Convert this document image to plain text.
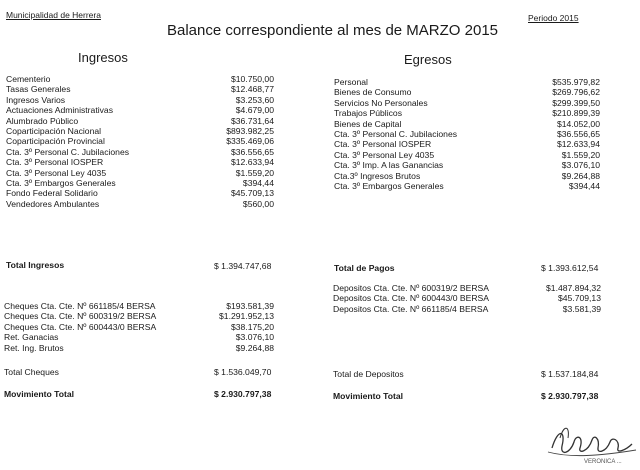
Municipalidad de Herrera	Periodo 2015
Balance correspondiente al mes de MARZO 2015
Ingresos	Egresos
Cementerio	$10.750,00
Tasas Generales	$12.468,77
Ingresos Varios	$3.253,60
Actuaciones Administrativas	$4.679,00
Alumbrado Público	$36.731,64
Coparticipación Nacional	$893.982,25
Coparticipación Provincial	$335.469,06
Cta. 3º Personal C. Jubilaciones	$36.556,65
Cta. 3º Personal IOSPER	$12.633,94
Cta. 3º Personal Ley 4035	$1.559,20
Cta. 3º Embargos Generales	$394,44
Fondo Federal Solidario	$45.709,13
Vendedores Ambulantes	$560,00
Personal	$535.979,82
Bienes de Consumo	$269.796,62
Servicios No Personales	$299.399,50
Trabajos Públicos	$210.899,39
Bienes de Capital	$14.052,00
Cta. 3º Personal C. Jubilaciones	$36.556,65
Cta. 3º Personal IOSPER	$12.633,94
Cta. 3º Personal Ley 4035	$1.559,20
Cta. 3º Imp. A las Ganancias	$3.076,10
Cta.3º Ingresos Brutos	$9.264,88
Cta. 3º Embargos Generales	$394,44
Total Ingresos	$ 1.394.747,68	Total de Pagos	$ 1.393.612,54
Cheques Cta. Cte. Nº 661185/4 BERSA	$193.581,39
Cheques Cta. Cte. Nº 600319/2 BERSA	$1.291.952,13
Cheques Cta. Cte. Nº 600443/0 BERSA	$38.175,20
Ret. Ganacias	$3.076,10
Ret. Ing. Brutos	$9.264,88
Depositos Cta. Cte. Nº 600319/2 BERSA	$1.487.894,32
Depositos Cta. Cte. Nº 600443/0 BERSA	$45.709,13
Depositos Cta. Cte. Nº 661185/4 BERSA	$3.581,39
Total Cheques	$ 1.536.049,70	Total de Depositos	$ 1.537.184,84
Movimiento Total	$ 2.930.797,38	Movimiento Total	$ 2.930.797,38
VERONICA ...
